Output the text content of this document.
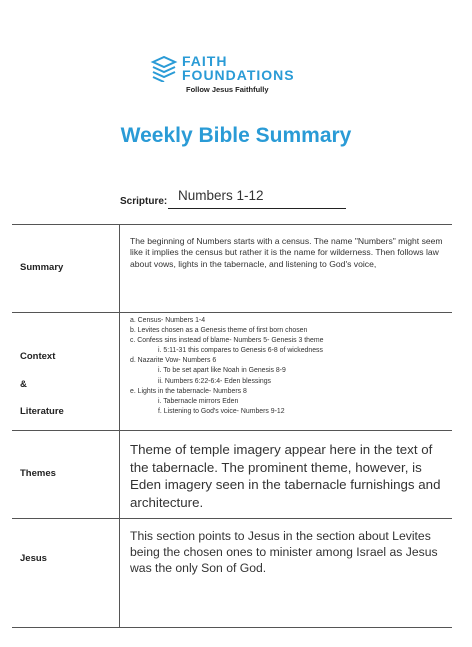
FAITH
FOUNDATIONS
Follow Jesus Faithfully
Weekly Bible Summary
Scripture: Numbers 1-12
Summary
The beginning of Numbers starts with a census. The name "Numbers" might seem like it implies the census but rather it is the name for wilderness. Then follows law about vows, lights in the tabernacle, and listening to God's voice,
Context
&
Literature
a. Census- Numbers 1-4
b. Levites chosen as a Genesis theme of first born chosen
c. Confess sins instead of blame- Numbers 5- Genesis 3 theme
i. 5:11-31 this compares to Genesis 6-8 of wickedness
d. Nazarite Vow- Numbers 6
i. To be set apart like Noah in Genesis 8-9
ii. Numbers 6:22-6:4- Eden blessings
e. Lights in the tabernacle- Numbers 8
i. Tabernacle mirrors Eden
f. Listening to God's voice- Numbers 9-12
Themes
Theme of temple imagery appear here in the text of the tabernacle. The prominent theme, however, is Eden imagery seen in the tabernacle furnishings and architecture.
Jesus
This section points to Jesus in the section about Levites being the chosen ones to minister among Israel as Jesus was the only Son of God.
